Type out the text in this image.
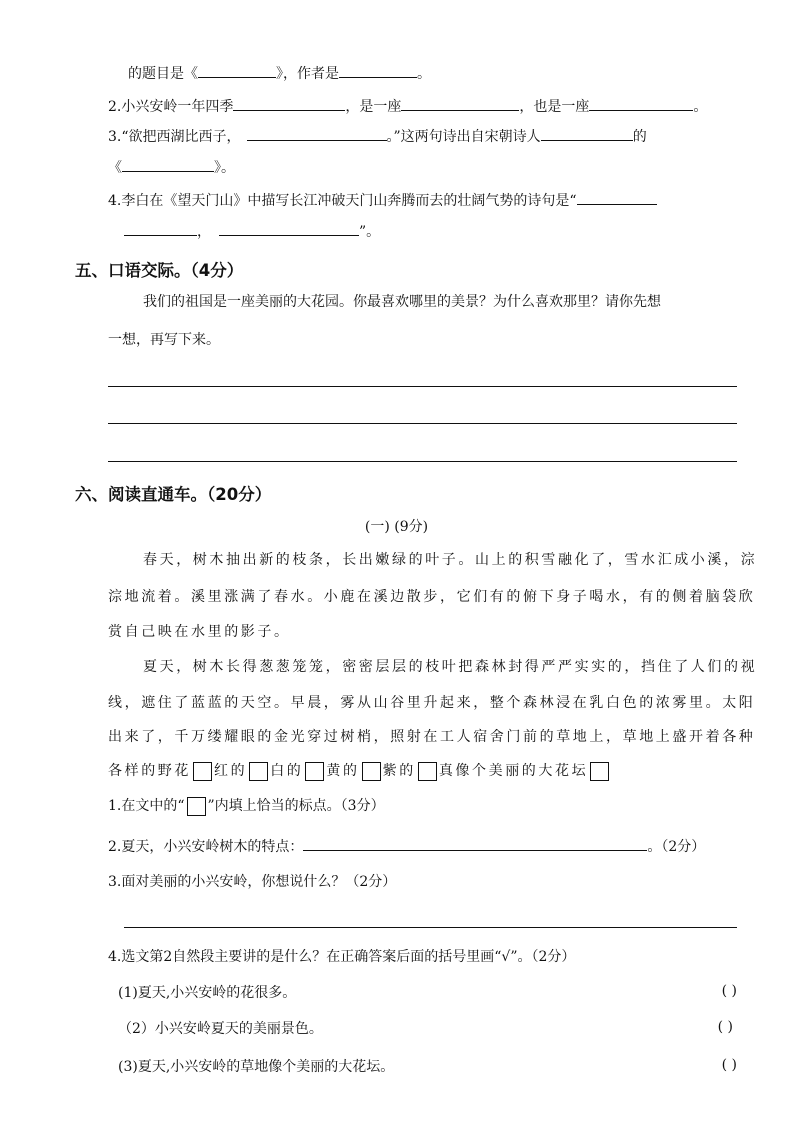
的题目是《	》，作者是	。
2.小兴安岭一年四季	，是一座	，也是一座	。
3.“欲把西湖比西子，	。”这两句诗出自宋朝诗人	的
《	》。
4.李白在《望天门山》中描写长江冲破天门山奔腾而去的壮阔气势的诗句是“
，	”。
五、口语交际。（4分）
我们的祖国是一座美丽的大花园。你最喜欢哪里的美景？为什么喜欢那里？请你先想
一想，再写下来。
六、阅读直通车。（20分）
(一) (9分)
春天，树木抽出新的枝条，长出嫩绿的叶子。山上的积雪融化了，雪水汇成小溪，淙
淙地流着。溪里涨满了春水。小鹿在溪边散步，它们有的俯下身子喝水，有的侧着脑袋欣
赏自己映在水里的影子。
夏天，树木长得葱葱笼笼，密密层层的枝叶把森林封得严严实实的，挡住了人们的视
线，遮住了蓝蓝的天空。早晨，雾从山谷里升起来，整个森林浸在乳白色的浓雾里。太阳
出来了，千万缕耀眼的金光穿过树梢，照射在工人宿舍门前的草地上，草地上盛开着各种
各样的野花 红的 白的 黄的 紫的 真像个美丽的大花坛
1.在文中的“ ”内填上恰当的标点。（3分）
2.夏天，小兴安岭树木的特点：	。（2分）
3.面对美丽的小兴安岭，你想说什么？（2分）
4.选文第2自然段主要讲的是什么？在正确答案后面的括号里画“√”。（2分）
(1)夏天,小兴安岭的花很多。	( )
（2）小兴安岭夏天的美丽景色。	( )
(3)夏天,小兴安岭的草地像个美丽的大花坛。	( )
